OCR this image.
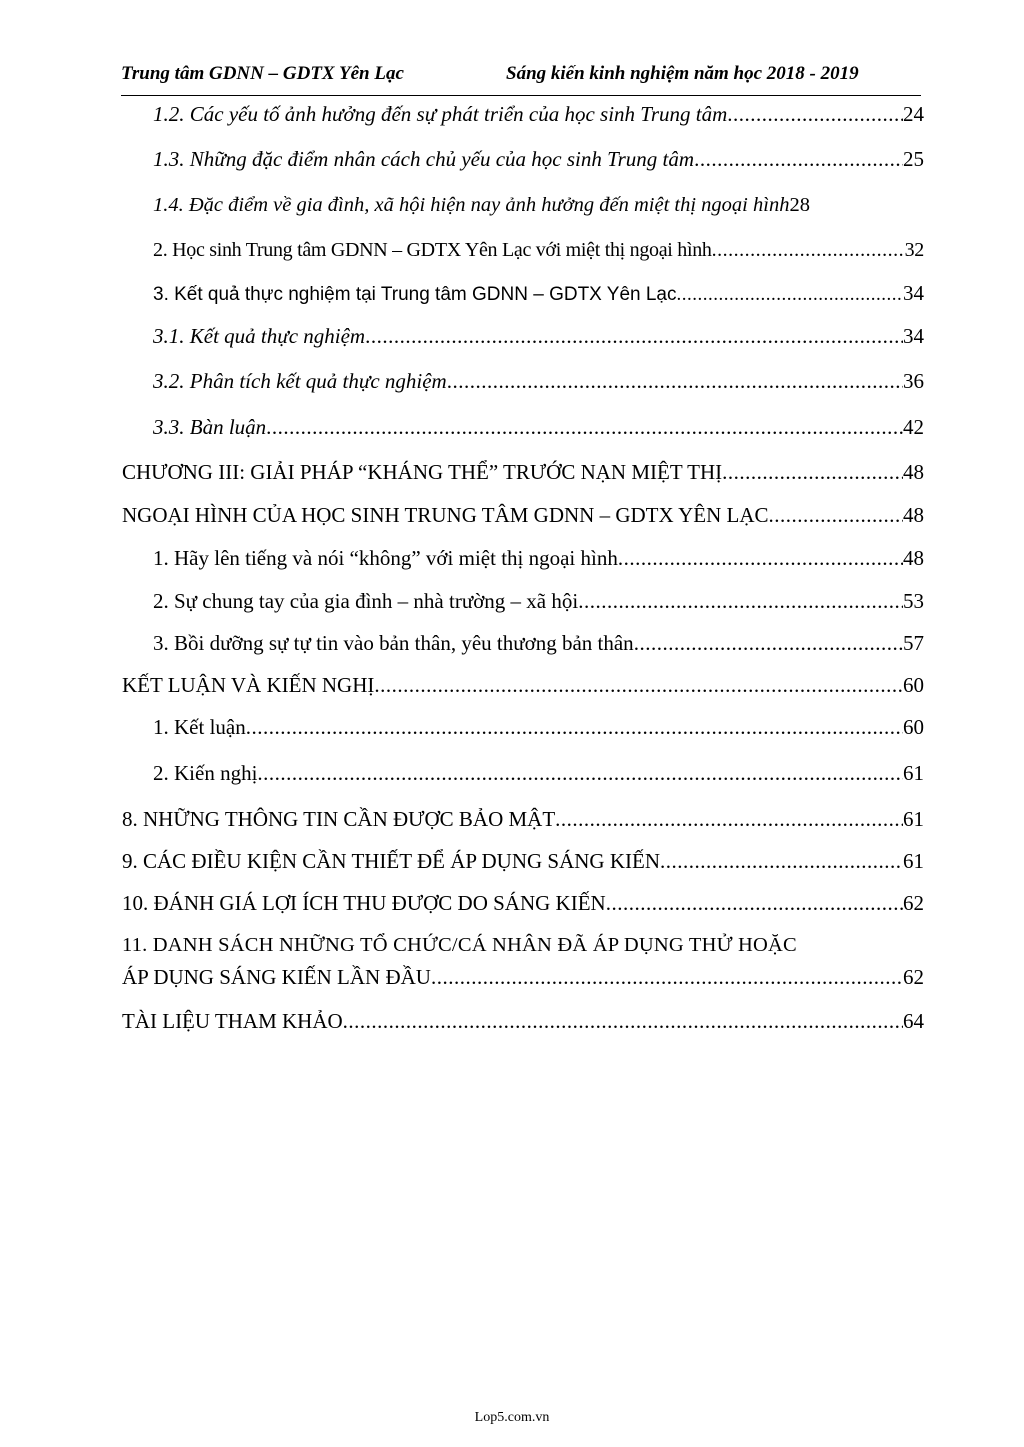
Trung tâm GDNN – GDTX Yên Lạc	Sáng kiến kinh nghiệm năm học 2018 - 2019
1.2. Các yếu tố ảnh hưởng đến sự phát triển của học sinh Trung tâm .....	24
1.3. Những đặc điểm nhân cách chủ yếu của học sinh Trung tâm .....	25
1.4. Đặc điểm về gia đình, xã hội hiện nay ảnh hưởng đến miệt thị ngoại hình 28
2. Học sinh Trung tâm GDNN – GDTX Yên Lạc với miệt thị ngoại hình .....	32
3. Kết quả thực nghiệm tại Trung tâm GDNN – GDTX Yên Lạc .....	34
3.1. Kết quả thực nghiệm .....	34
3.2. Phân tích kết quả thực nghiệm .....	36
3.3. Bàn luận .....	42
CHƯƠNG III: GIẢI PHÁP “KHÁNG THỂ” TRƯỚC NẠN MIỆT THỊ .....	48
NGOẠI HÌNH CỦA HỌC SINH TRUNG TÂM GDNN – GDTX YÊN LẠC .....	48
1. Hãy lên tiếng và nói “không” với miệt thị ngoại hình .....	48
2. Sự chung tay của gia đình – nhà trường – xã hội .....	53
3. Bồi dưỡng sự tự tin vào bản thân, yêu thương bản thân .....	57
KẾT LUẬN VÀ KIẾN NGHỊ .....	60
1. Kết luận .....	60
2. Kiến nghị .....	61
8. NHỮNG THÔNG TIN CẦN ĐƯỢC BẢO MẬT .....	61
9. CÁC ĐIỀU KIỆN CẦN THIẾT ĐỂ ÁP DỤNG SÁNG KIẾN .....	61
10. ĐÁNH GIÁ LỢI ÍCH THU ĐƯỢC DO SÁNG KIẾN .....	62
11. DANH SÁCH NHỮNG TỔ CHỨC/CÁ NHÂN ĐÃ ÁP DỤNG THỬ HOẶC
ÁP DỤNG SÁNG KIẾN LẦN ĐẦU .....	62
TÀI LIỆU THAM KHẢO .....	64
Lop5.com.vn
